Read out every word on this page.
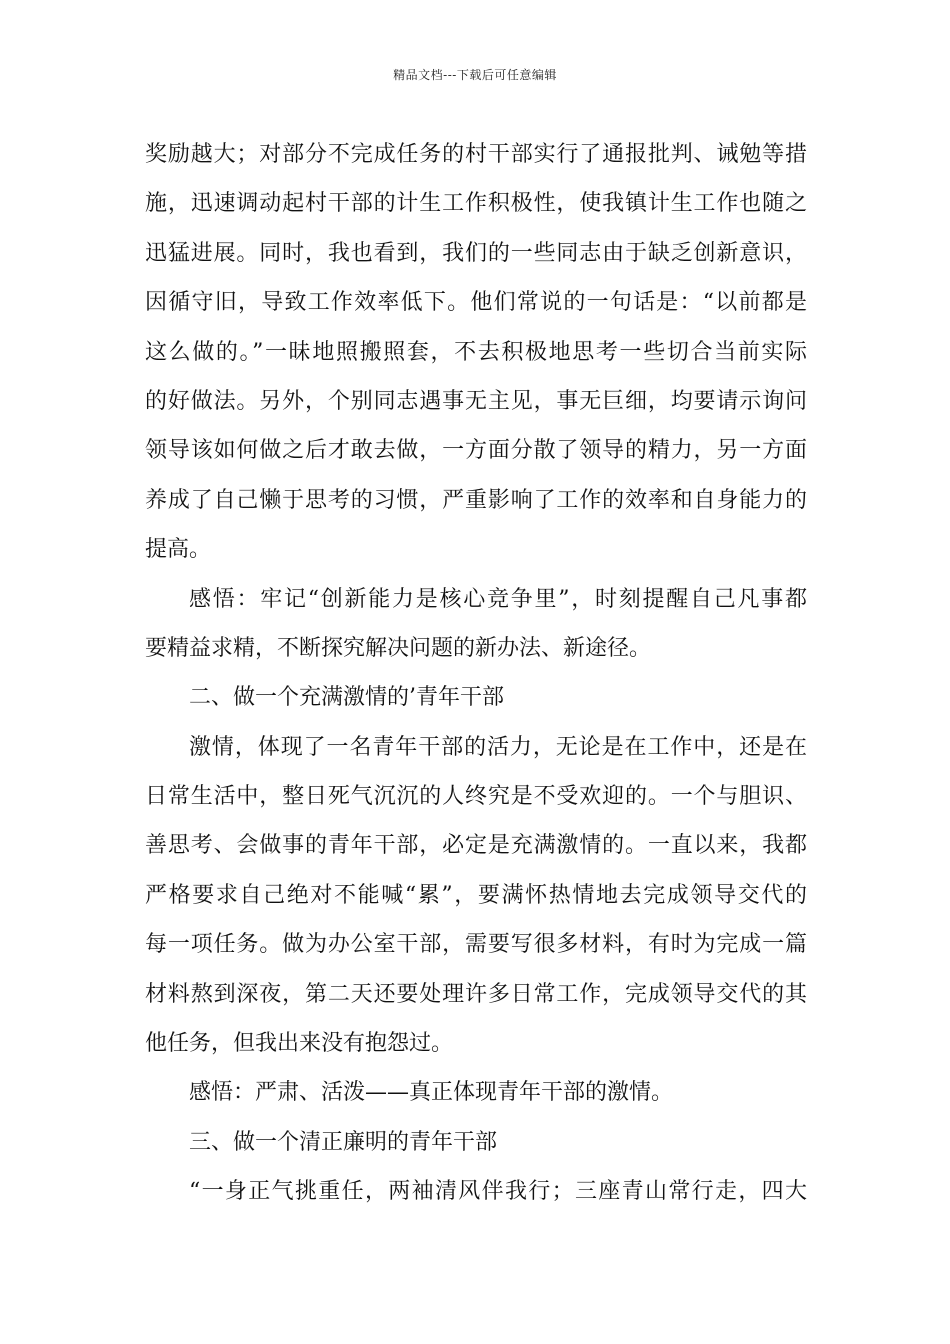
精品文档---下载后可任意编辑
奖励越大；对部分不完成任务的村干部实行了通报批判、诫勉等措
施，迅速调动起村干部的计生工作积极性，使我镇计生工作也随之
迅猛进展。同时，我也看到，我们的一些同志由于缺乏创新意识，
因循守旧，导致工作效率低下。他们常说的一句话是：“以前都是
这么做的。”一昧地照搬照套，不去积极地思考一些切合当前实际
的好做法。另外，个别同志遇事无主见，事无巨细，均要请示询问
领导该如何做之后才敢去做，一方面分散了领导的精力，另一方面
养成了自己懒于思考的习惯，严重影响了工作的效率和自身能力的
提高。
感悟：牢记“创新能力是核心竞争里”，时刻提醒自己凡事都
要精益求精，不断探究解决问题的新办法、新途径。
二、做一个充满激情的’青年干部
激情，体现了一名青年干部的活力，无论是在工作中，还是在
日常生活中，整日死气沉沉的人终究是不受欢迎的。一个与胆识、
善思考、会做事的青年干部，必定是充满激情的。一直以来，我都
严格要求自己绝对不能喊“累”，要满怀热情地去完成领导交代的
每一项任务。做为办公室干部，需要写很多材料，有时为完成一篇
材料熬到深夜，第二天还要处理许多日常工作，完成领导交代的其
他任务，但我出来没有抱怨过。
感悟：严肃、活泼——真正体现青年干部的激情。
三、做一个清正廉明的青年干部
“一身正气挑重任，两袖清风伴我行；三座青山常行走，四大
